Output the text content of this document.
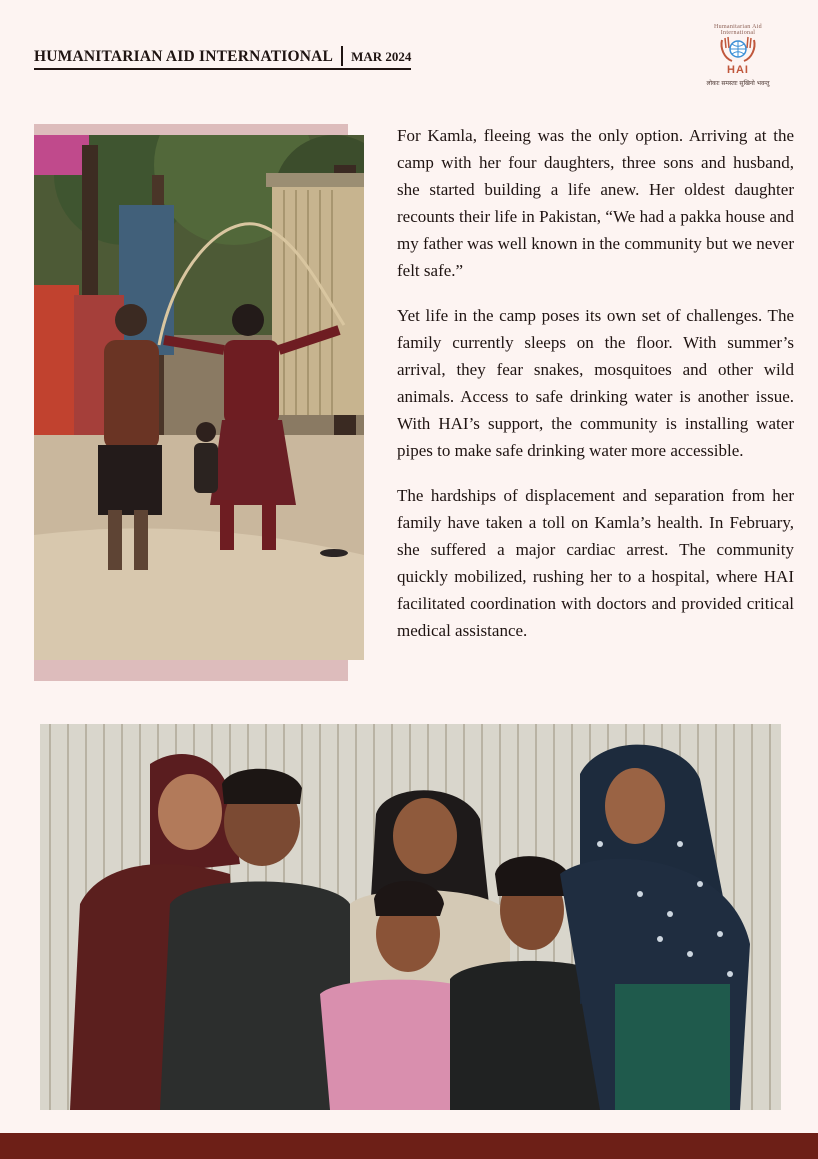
HUMANITARIAN AID INTERNATIONAL MAR 2024
Humanitarian Aid International
HAI
लोकाः समस्ताः सुखिनो भवन्तु

For Kamla, fleeing was the only option. Arriving at the camp with her four daughters, three sons and husband, she started building a life anew. Her oldest daughter recounts their life in Pakistan, “We had a pakka house and my father was well known in the community but we never felt safe.”

Yet life in the camp poses its own set of challenges. The family currently sleeps on the floor. With summer’s arrival, they fear snakes, mosquitoes and other wild animals. Access to safe drinking water is another issue. With HAI’s support, the community is installing water pipes to make safe drinking water more accessible.

The hardships of displacement and separation from her family have taken a toll on Kamla’s health. In February, she suffered a major cardiac arrest. The community quickly mobilized, rushing her to a hospital, where HAI facilitated coordination with doctors and provided critical medical assistance.
